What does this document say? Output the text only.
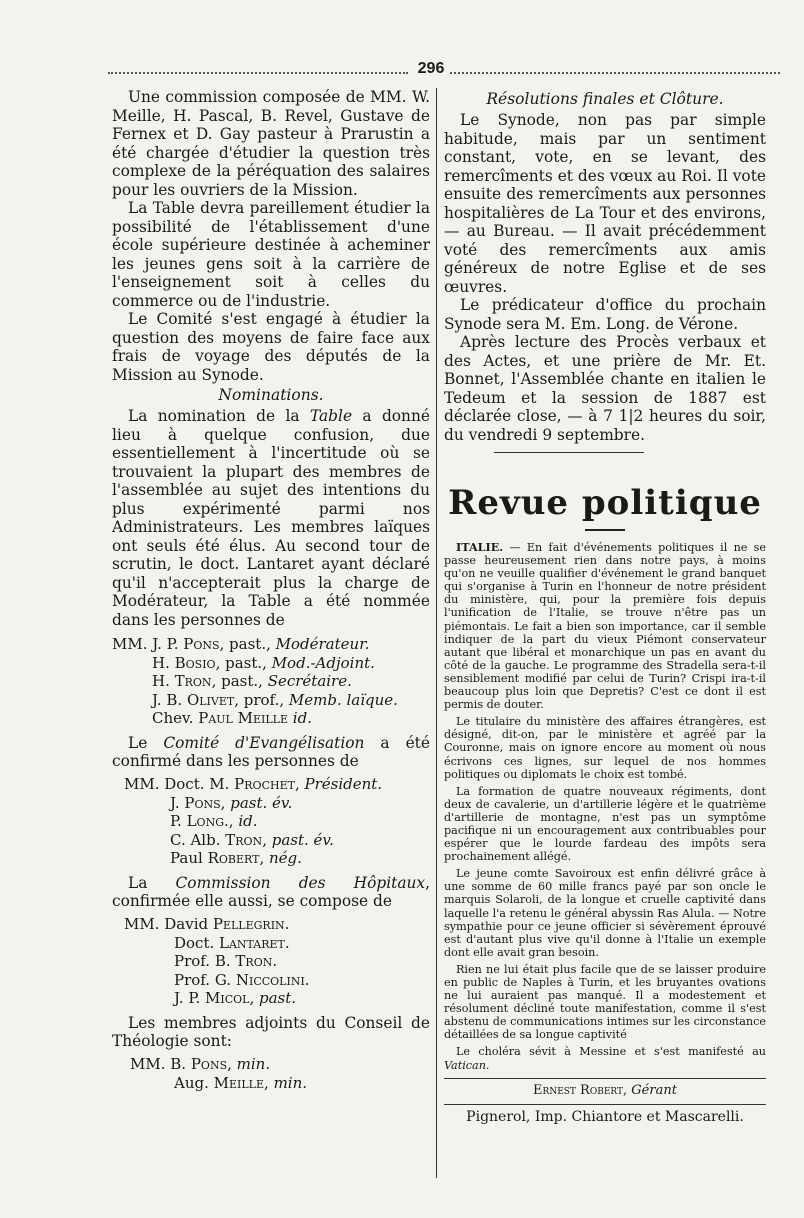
296

Une commission composée de MM. W. Meille, H. Pascal, B. Revel, Gustave de Fernex et D. Gay pasteur à Prarustin a été chargée d'étudier la question très complexe de la péréquation des salaires pour les ouvriers de la Mission.

La Table devra pareillement étudier la possibilité de l'établissement d'une école supérieure destinée à acheminer les jeunes gens soit à la carrière de l'enseignement soit à celles du commerce ou de l'industrie.

Le Comité s'est engagé à étudier la question des moyens de faire face aux frais de voyage des députés de la Mission au Synode.

Nominations.

La nomination de la Table a donné lieu à quelque confusion, due essentiellement à l'incertitude où se trouvaient la plupart des membres de l'assemblée au sujet des intentions du plus expérimenté parmi nos Administrateurs. Les membres laïques ont seuls été élus. Au second tour de scrutin, le doct. Lantaret ayant déclaré qu'il n'accepterait plus la charge de Modérateur, la Table a été nommée dans les personnes de

MM. J. P. Pons, past., Modérateur.
H. Bosio, past., Mod.-Adjoint.
H. Tron, past., Secrétaire.
J. B. Olivet, prof., Memb. laïque.
Chev. Paul Meille id.

Le Comité d'Evangélisation a été confirmé dans les personnes de

MM. Doct. M. Prochet, Président.
J. Pons, past. év.
P. Long., id.
C. Alb. Tron, past. év.
Paul Robert, nég.

La Commission des Hôpitaux, confirmée elle aussi, se compose de

MM. David Pellegrin.
Doct. Lantaret.
Prof. B. Tron.
Prof. G. Niccolini.
J. P. Micol, past.

Les membres adjoints du Conseil de Théologie sont:

MM. B. Pons, min.
Aug. Meille, min.

Résolutions finales et Clôture.

Le Synode, non pas par simple habitude, mais par un sentiment constant, vote, en se levant, des remercîments et des vœux au Roi. Il vote ensuite des remercîments aux personnes hospitalières de La Tour et des environs, — au Bureau. — Il avait précédemment voté des remercîments aux amis généreux de notre Eglise et de ses œuvres.

Le prédicateur d'office du prochain Synode sera M. Em. Long. de Vérone.

Après lecture des Procès verbaux et des Actes, et une prière de Mr. Et. Bonnet, l'Assemblée chante en italien le Tedeum et la session de 1887 est déclarée close, — à 7 1|2 heures du soir, du vendredi 9 septembre.

Revue politique

ITALIE. — En fait d'événements politiques il ne se passe heureusement rien dans notre pays, à moins qu'on ne veuille qualifier d'événement le grand banquet qui s'organise à Turin en l'honneur de notre président du ministère, qui, pour la première fois depuis l'unification de l'Italie, se trouve n'être pas un piémontais. Le fait a bien son importance, car il semble indiquer de la part du vieux Piémont conservateur autant que libéral et monarchique un pas en avant du côté de la gauche. Le programme des Stradella sera-t-il sensiblement modifié par celui de Turin? Crispi ira-t-il beaucoup plus loin que Depretis? C'est ce dont il est permis de douter.

Le titulaire du ministère des affaires étrangères, est désigné, dit-on, par le ministère et agréé par la Couronne, mais on ignore encore au moment où nous écrivons ces lignes, sur lequel de nos hommes politiques ou diplomats le choix est tombé.

La formation de quatre nouveaux régiments, dont deux de cavalerie, un d'artillerie légère et le quatrième d'artillerie de montagne, n'est pas un symptôme pacifique ni un encouragement aux contribuables pour espérer que le lourde fardeau des impôts sera prochainement allégé.

Le jeune comte Savoiroux est enfin délivré grâce à une somme de 60 mille francs payé par son oncle le marquis Solaroli, de la longue et cruelle captivité dans laquelle l'a retenu le général abyssin Ras Alula. — Notre sympathie pour ce jeune officier si sévèrement éprouvé est d'autant plus vive qu'il donne à l'Italie un exemple dont elle avait gran besoin.

Rien ne lui était plus facile que de se laisser produire en public de Naples à Turin, et les bruyantes ovations ne lui auraient pas manqué. Il a modestement et résolument décliné toute manifestation, comme il s'est abstenu de communications intimes sur les circonstance détaillées de sa longue captivité

Le choléra sévit à Messine et s'est manifesté au Vatican.

Ernest Robert, Gérant
Pignerol, Imp. Chiantore et Mascarelli.
